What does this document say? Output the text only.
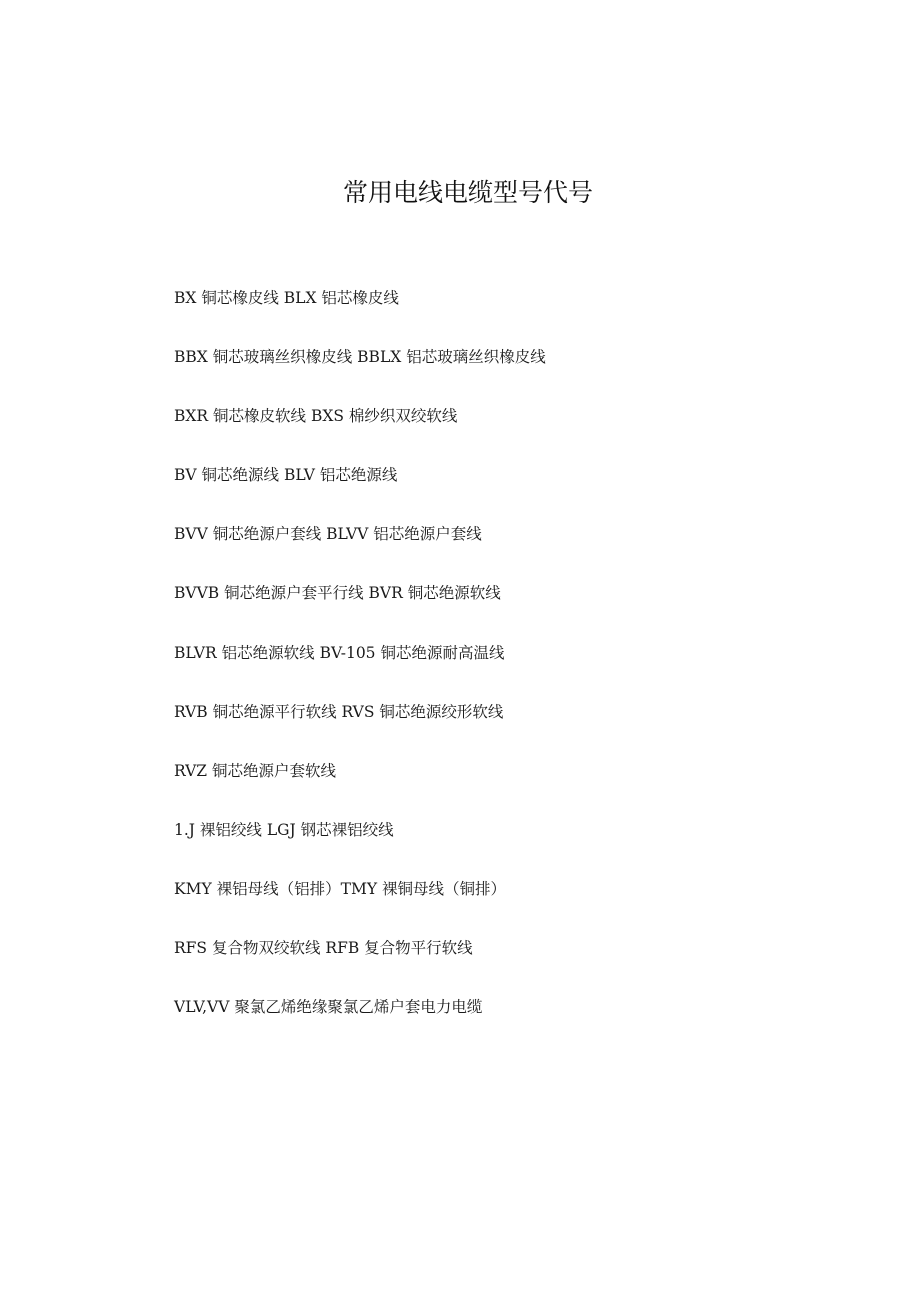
常用电线电缆型号代号
BX 铜芯橡皮线 BLX 铝芯橡皮线
BBX 铜芯玻璃丝织橡皮线 BBLX 铝芯玻璃丝织橡皮线
BXR 铜芯橡皮软线 BXS 棉纱织双绞软线
BV 铜芯绝源线 BLV 铝芯绝源线
BVV 铜芯绝源户套线 BLVV 铝芯绝源户套线
BVVB 铜芯绝源户套平行线 BVR 铜芯绝源软线
BLVR 铝芯绝源软线 BV-105 铜芯绝源耐高温线
RVB 铜芯绝源平行软线 RVS 铜芯绝源绞形软线
RVZ 铜芯绝源户套软线
1.J 裸铝绞线 LGJ 钢芯裸铝绞线
KMY 裸铝母线（铝排）TMY 裸铜母线（铜排）
RFS 复合物双绞软线 RFB 复合物平行软线
VLV,VV 聚氯乙烯绝缘聚氯乙烯户套电力电缆
